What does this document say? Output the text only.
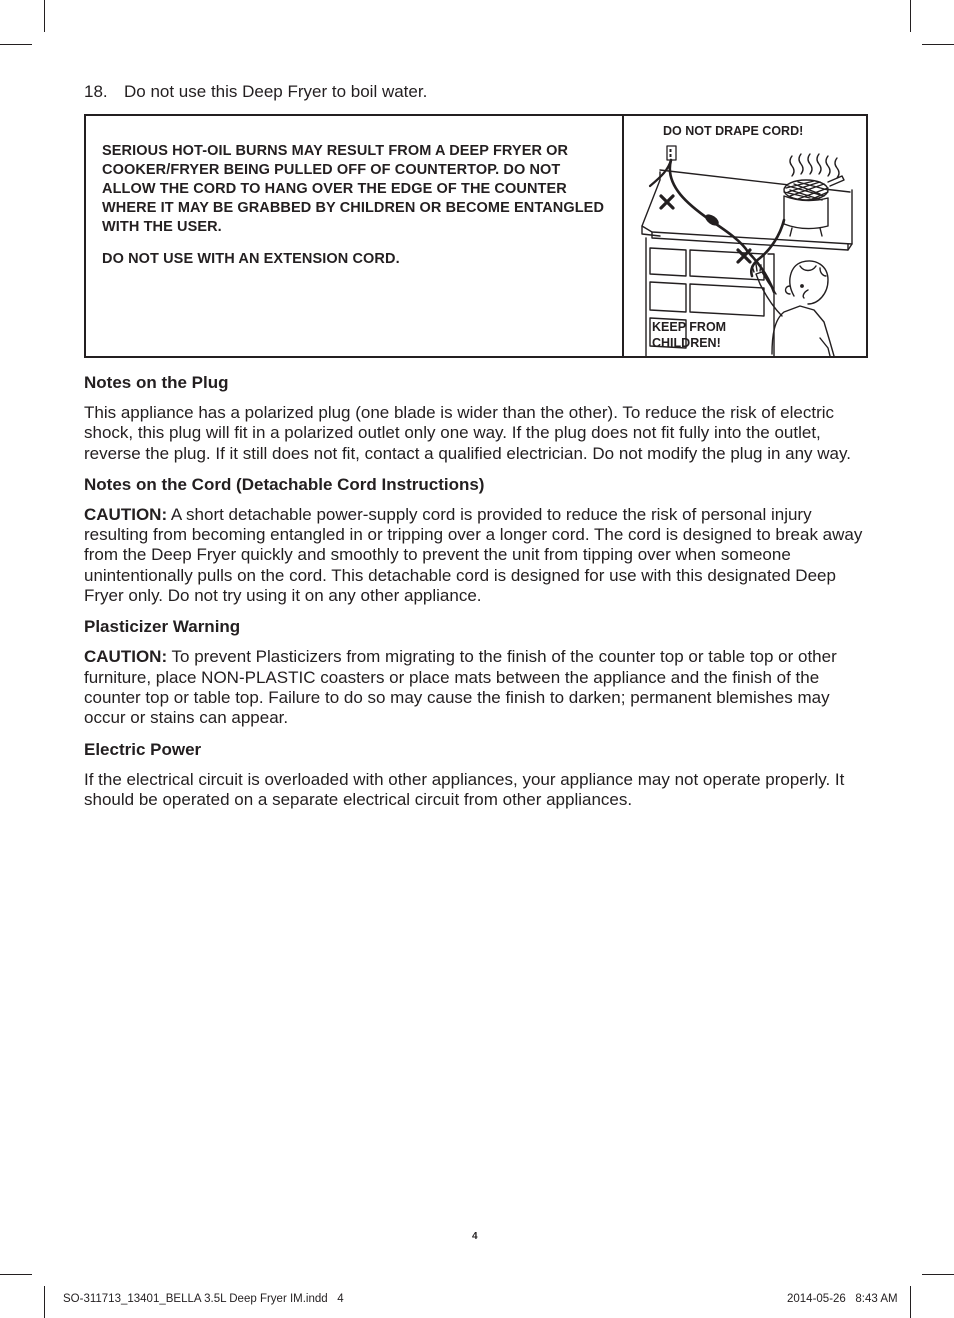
18. Do not use this Deep Fryer to boil water.

SERIOUS HOT-OIL BURNS MAY RESULT FROM A DEEP FRYER OR COOKER/FRYER BEING PULLED OFF OF COUNTERTOP. DO NOT ALLOW THE CORD TO HANG OVER THE EDGE OF THE COUNTER WHERE IT MAY BE GRABBED BY CHILDREN OR BECOME ENTANGLED WITH THE USER.

DO NOT USE WITH AN EXTENSION CORD.

DO NOT DRAPE CORD!
KEEP FROM CHILDREN!
Notes on the Plug

This appliance has a polarized plug (one blade is wider than the other). To reduce the risk of electric shock, this plug will fit in a polarized outlet only one way. If the plug does not fit fully into the outlet, reverse the plug. If it still does not fit, contact a qualified electrician. Do not modify the plug in any way.

Notes on the Cord (Detachable Cord Instructions)

CAUTION: A short detachable power-supply cord is provided to reduce the risk of personal injury resulting from becoming entangled in or tripping over a longer cord. The cord is designed to break away from the Deep Fryer quickly and smoothly to prevent the unit from tipping over when someone unintentionally pulls on the cord. This detachable cord is designed for use with this designated Deep Fryer only. Do not try using it on any other appliance.

Plasticizer Warning

CAUTION: To prevent Plasticizers from migrating to the finish of the counter top or table top or other furniture, place NON-PLASTIC coasters or place mats between the appliance and the finish of the counter top or table top. Failure to do so may cause the finish to darken; permanent blemishes may occur or stains can appear.

Electric Power

If the electrical circuit is overloaded with other appliances, your appliance may not operate properly. It should be operated on a separate electrical circuit from other appliances.

4
SO-311713_13401_BELLA 3.5L Deep Fryer IM.indd   4	2014-05-26   8:43 AM
